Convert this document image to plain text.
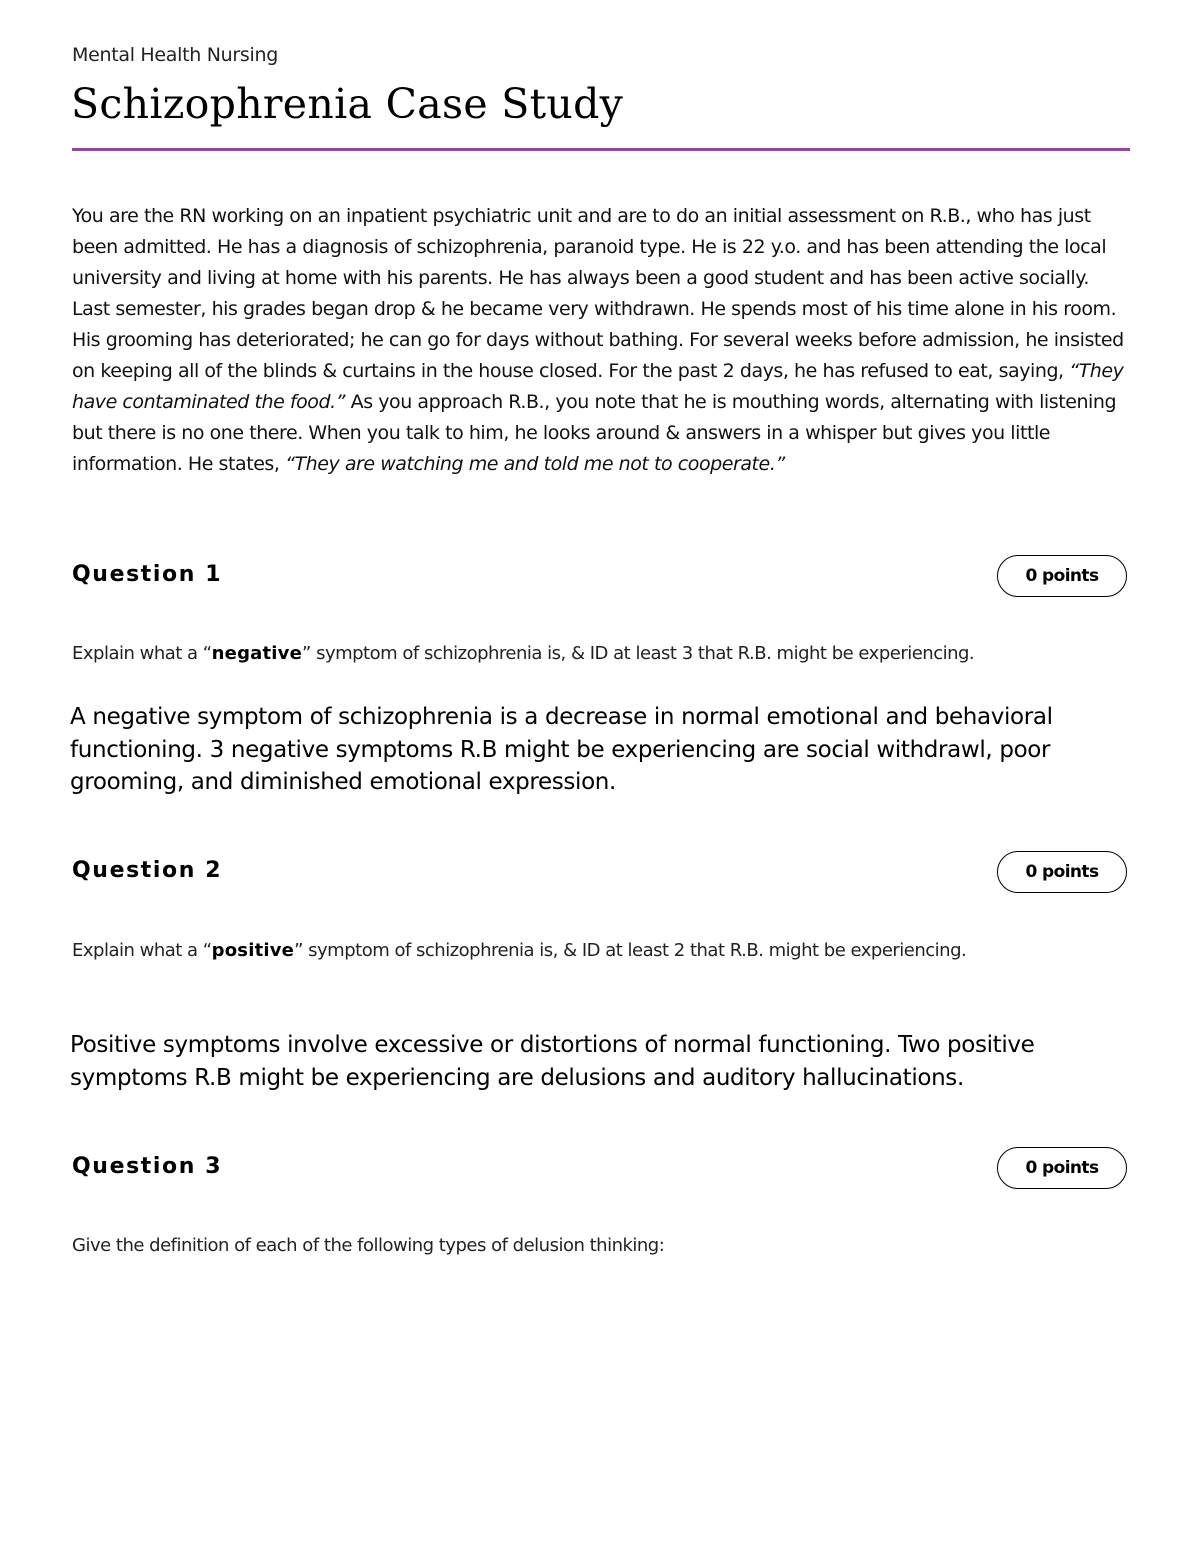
Mental Health Nursing
Schizophrenia Case Study

You are the RN working on an inpatient psychiatric unit and are to do an initial assessment on R.B., who has just been admitted. He has a diagnosis of schizophrenia, paranoid type. He is 22 y.o. and has been attending the local university and living at home with his parents. He has always been a good student and has been active socially.

Last semester, his grades began drop & he became very withdrawn. He spends most of his time alone in his room. His grooming has deteriorated; he can go for days without bathing. For several weeks before admission, he insisted on keeping all of the blinds & curtains in the house closed. For the past 2 days, he has refused to eat, saying, “They have contaminated the food.” As you approach R.B., you note that he is mouthing words, alternating with listening but there is no one there. When you talk to him, he looks around & answers in a whisper but gives you little information. He states, “They are watching me and told me not to cooperate.”

Question 1	0 points
Explain what a “negative” symptom of schizophrenia is, & ID at least 3 that R.B. might be experiencing.
A negative symptom of schizophrenia is a decrease in normal emotional and behavioral
functioning. 3 negative symptoms R.B might be experiencing are social withdrawl, poor
grooming, and diminished emotional expression.
Question 2	0 points
Explain what a “positive” symptom of schizophrenia is, & ID at least 2 that R.B. might be experiencing.
Positive symptoms involve excessive or distortions of normal functioning. Two positive
symptoms R.B might be experiencing are delusions and auditory hallucinations.
Question 3	0 points
Give the definition of each of the following types of delusion thinking:
